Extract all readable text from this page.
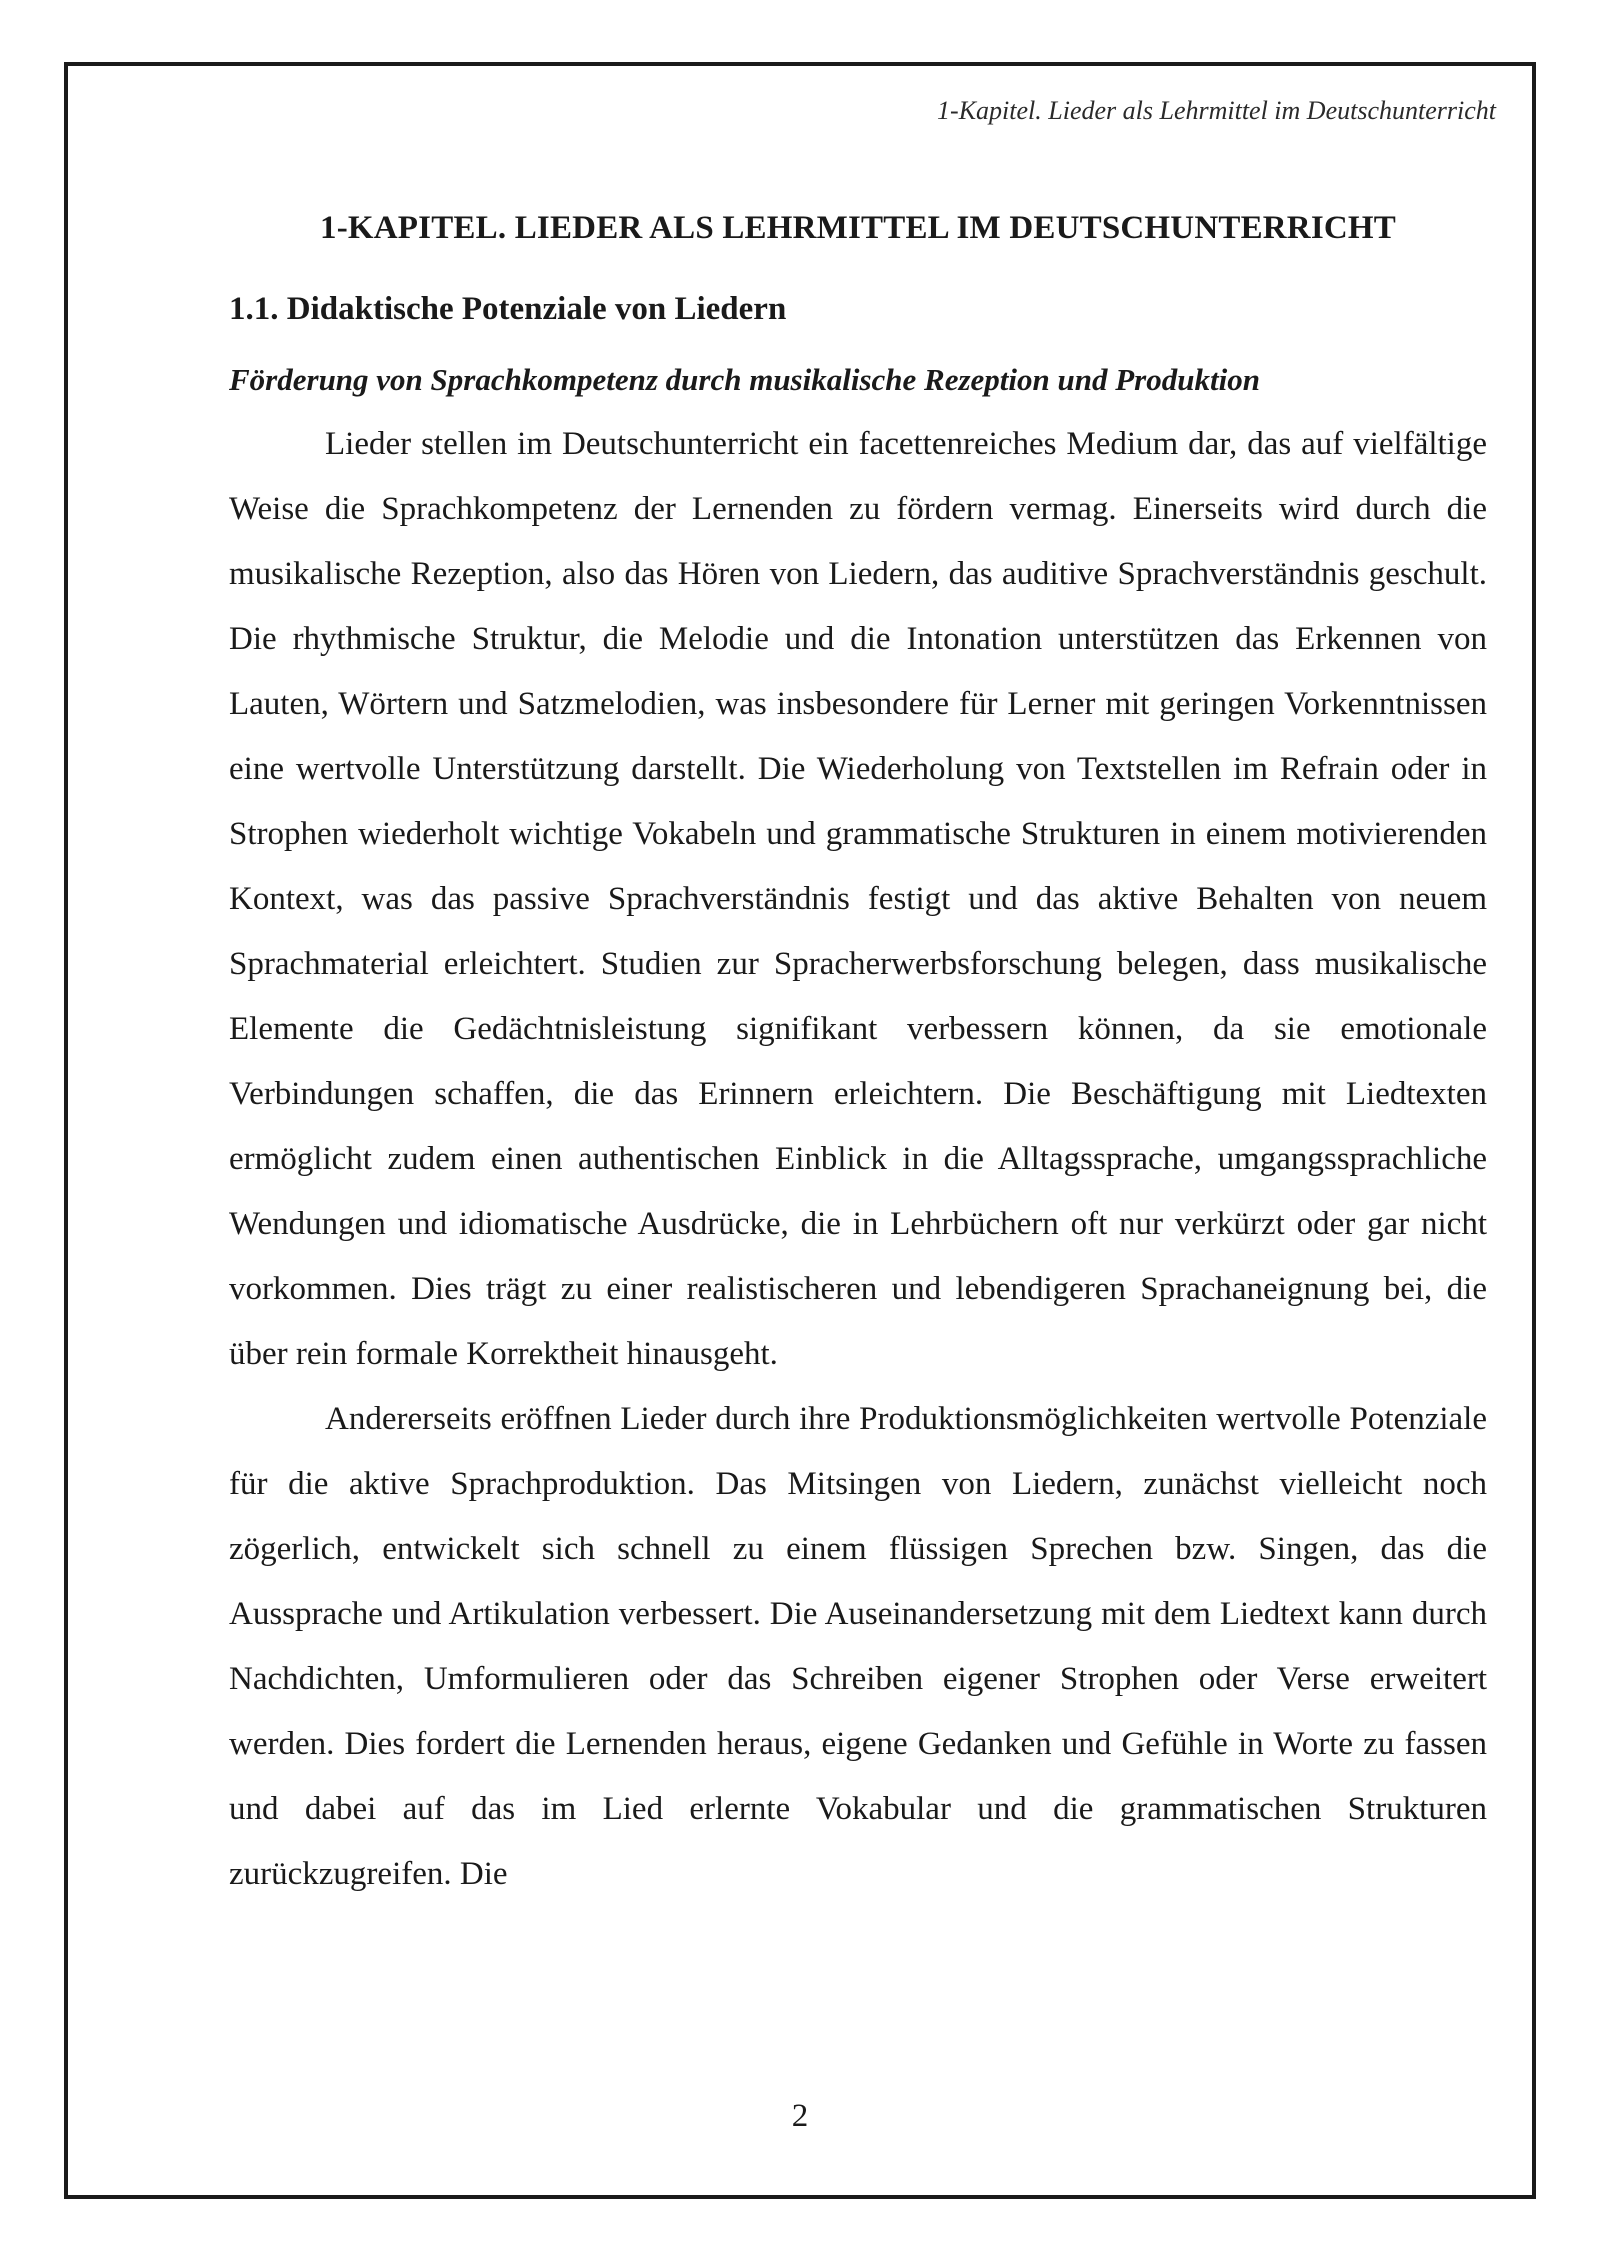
1-Kapitel. Lieder als Lehrmittel im Deutschunterricht
1-KAPITEL. LIEDER ALS LEHRMITTEL IM DEUTSCHUNTERRICHT
1.1. Didaktische Potenziale von Liedern
Förderung von Sprachkompetenz durch musikalische Rezeption und Produktion

Lieder stellen im Deutschunterricht ein facettenreiches Medium dar, das auf vielfältige Weise die Sprachkompetenz der Lernenden zu fördern vermag. Einerseits wird durch die musikalische Rezeption, also das Hören von Liedern, das auditive Sprachverständnis geschult. Die rhythmische Struktur, die Melodie und die Intonation unterstützen das Erkennen von Lauten, Wörtern und Satzmelodien, was insbesondere für Lerner mit geringen Vorkenntnissen eine wertvolle Unterstützung darstellt. Die Wiederholung von Textstellen im Refrain oder in Strophen wiederholt wichtige Vokabeln und grammatische Strukturen in einem motivierenden Kontext, was das passive Sprachverständnis festigt und das aktive Behalten von neuem Sprachmaterial erleichtert. Studien zur Spracherwerbsforschung belegen, dass musikalische Elemente die Gedächtnisleistung signifikant verbessern können, da sie emotionale Verbindungen schaffen, die das Erinnern erleichtern. Die Beschäftigung mit Liedtexten ermöglicht zudem einen authentischen Einblick in die Alltagssprache, umgangssprachliche Wendungen und idiomatische Ausdrücke, die in Lehrbüchern oft nur verkürzt oder gar nicht vorkommen. Dies trägt zu einer realistischeren und lebendigeren Sprachaneignung bei, die über rein formale Korrektheit hinausgeht.

Andererseits eröffnen Lieder durch ihre Produktionsmöglichkeiten wertvolle Potenziale für die aktive Sprachproduktion. Das Mitsingen von Liedern, zunächst vielleicht noch zögerlich, entwickelt sich schnell zu einem flüssigen Sprechen bzw. Singen, das die Aussprache und Artikulation verbessert. Die Auseinandersetzung mit dem Liedtext kann durch Nachdichten, Umformulieren oder das Schreiben eigener Strophen oder Verse erweitert werden. Dies fordert die Lernenden heraus, eigene Gedanken und Gefühle in Worte zu fassen und dabei auf das im Lied erlernte Vokabular und die grammatischen Strukturen zurückzugreifen. Die

2
